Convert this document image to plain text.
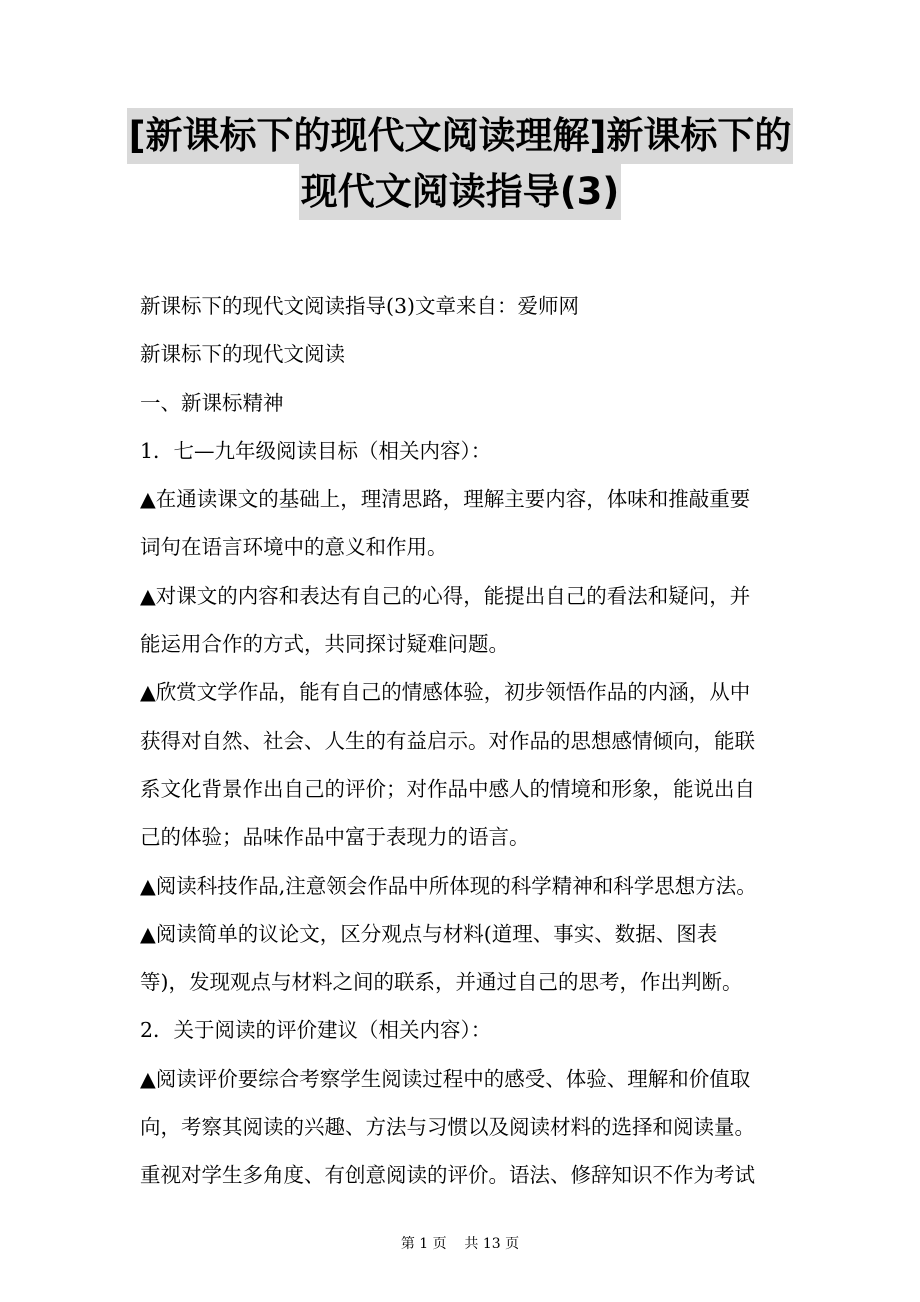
[新课标下的现代文阅读理解]新课标下的
现代文阅读指导(3)
新课标下的现代文阅读指导(3)文章来自：爱师网
新课标下的现代文阅读
一、新课标精神
1．七—九年级阅读目标（相关内容）：
▲在通读课文的基础上，理清思路，理解主要内容，体味和推敲重要
词句在语言环境中的意义和作用。
▲对课文的内容和表达有自己的心得，能提出自己的看法和疑问，并
能运用合作的方式，共同探讨疑难问题。
▲欣赏文学作品，能有自己的情感体验，初步领悟作品的内涵，从中
获得对自然、社会、人生的有益启示。对作品的思想感情倾向，能联
系文化背景作出自己的评价；对作品中感人的情境和形象，能说出自
己的体验；品味作品中富于表现力的语言。
▲阅读科技作品,注意领会作品中所体现的科学精神和科学思想方法。
▲阅读简单的议论文，区分观点与材料(道理、事实、数据、图表
等)，发现观点与材料之间的联系，并通过自己的思考，作出判断。
2．关于阅读的评价建议（相关内容）：
▲阅读评价要综合考察学生阅读过程中的感受、体验、理解和价值取
向，考察其阅读的兴趣、方法与习惯以及阅读材料的选择和阅读量。
重视对学生多角度、有创意阅读的评价。语法、修辞知识不作为考试
第 1 页    共 13 页
